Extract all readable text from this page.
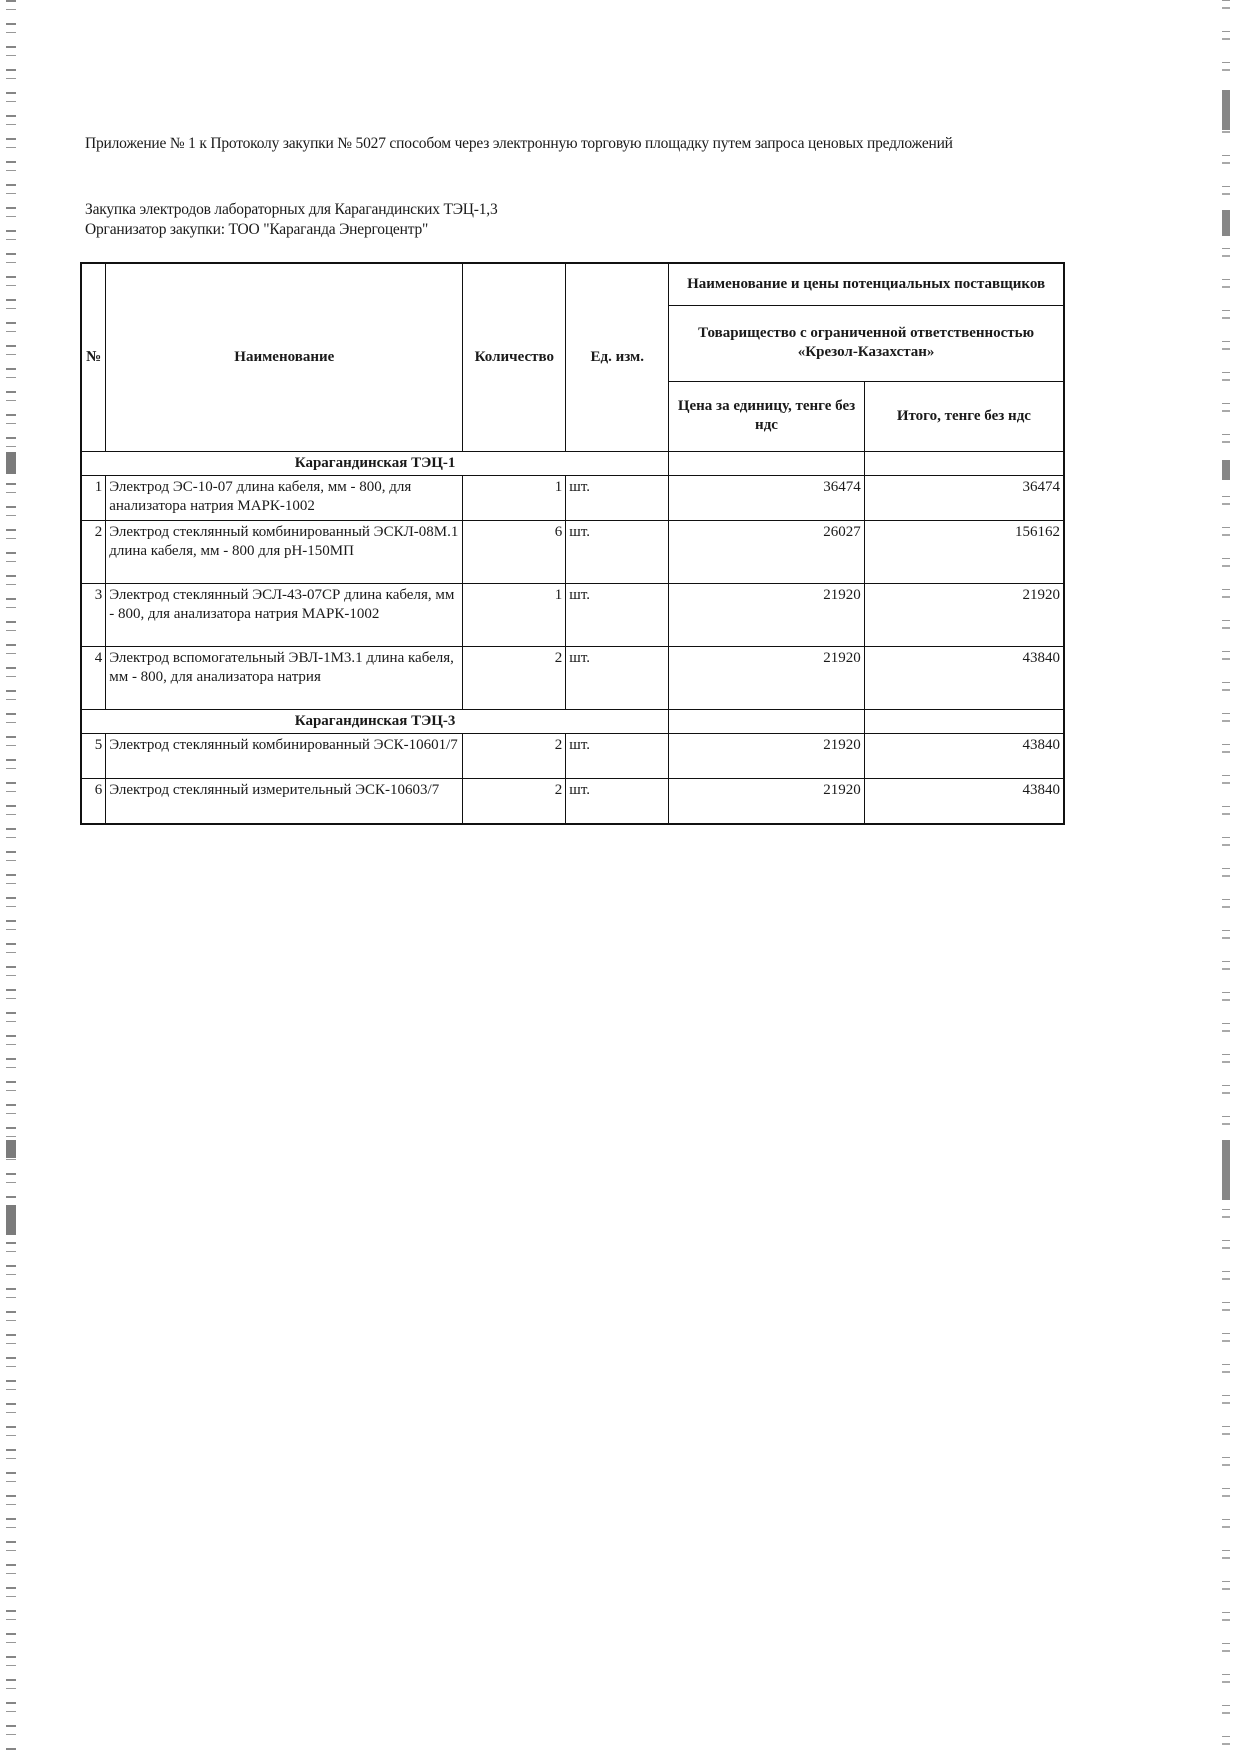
Приложение № 1 к Протоколу закупки № 5027 способом через электронную торговую площадку путем запроса ценовых предложений
Закупка электродов лабораторных для Карагандинских ТЭЦ-1,3
Организатор закупки: ТОО "Караганда Энергоцентр"
№	Наименование	Количество	Ед. изм.	Наименование и цены потенциальных поставщиков	
				Товарищество с ограниченной ответственностью «Крезол-Казахстан»	
				Цена за единицу, тенге без ндс	Итого, тенге без ндс
Карагандинская ТЭЦ-1					
1	Электрод ЭС-10-07 длина кабеля, мм - 800, для анализатора натрия МАРК-1002	1	шт.	36474	36474
2	Электрод стеклянный комбинированный ЭСКЛ-08М.1 длина кабеля, мм - 800 для рН-150МП	6	шт.	26027	156162
3	Электрод стеклянный ЭСЛ-43-07СР длина кабеля, мм - 800, для анализатора натрия МАРК-1002	1	шт.	21920	21920
4	Электрод вспомогательный ЭВЛ-1М3.1 длина кабеля, мм - 800, для анализатора натрия	2	шт.	21920	43840
Карагандинская ТЭЦ-3					
5	Электрод стеклянный комбинированный ЭСК-10601/7	2	шт.	21920	43840
6	Электрод стеклянный измерительный ЭСК-10603/7	2	шт.	21920	43840
